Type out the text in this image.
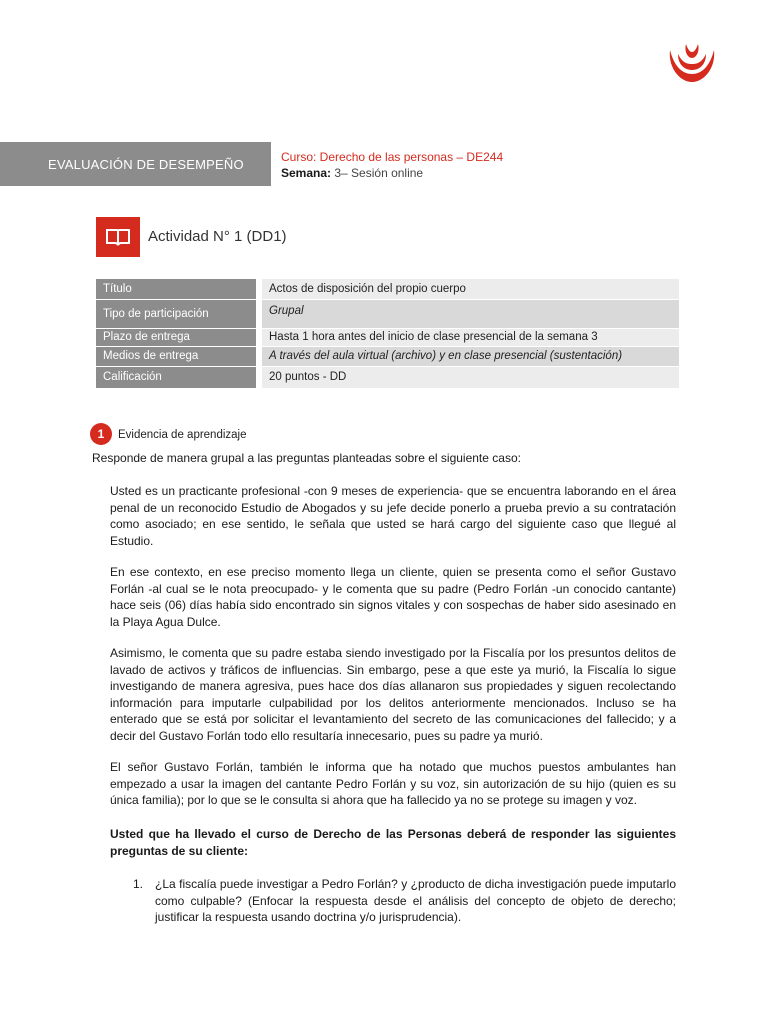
EVALUACIÓN DE DESEMPEÑO	Curso: Derecho de las personas – DE244
Semana: 3– Sesión online
Actividad N° 1 (DD1)
Título	Actos de disposición del propio cuerpo
Tipo de participación	Grupal
Plazo de entrega	Hasta 1 hora antes del inicio de clase presencial de la semana 3
Medios de entrega	A través del aula virtual (archivo) y en clase presencial (sustentación)
Calificación	20 puntos - DD
1	Evidencia de aprendizaje
Responde de manera grupal a las preguntas planteadas sobre el siguiente caso:
Usted es un practicante profesional -con 9 meses de experiencia- que se encuentra laborando en el área penal de un reconocido Estudio de Abogados y su jefe decide ponerlo a prueba previo a su contratación como asociado; en ese sentido, le señala que usted se hará cargo del siguiente caso que llegué al Estudio.
En ese contexto, en ese preciso momento llega un cliente, quien se presenta como el señor Gustavo Forlán -al cual se le nota preocupado- y le comenta que su padre (Pedro Forlán -un conocido cantante) hace seis (06) días había sido encontrado sin signos vitales y con sospechas de haber sido asesinado en la Playa Agua Dulce.
Asimismo, le comenta que su padre estaba siendo investigado por la Fiscalía por los presuntos delitos de lavado de activos y tráficos de influencias. Sin embargo, pese a que este ya murió, la Fiscalía lo sigue investigando de manera agresiva, pues hace dos días allanaron sus propiedades y siguen recolectando información para imputarle culpabilidad por los delitos anteriormente mencionados. Incluso se ha enterado que se está por solicitar el levantamiento del secreto de las comunicaciones del fallecido; y a decir del Gustavo Forlán todo ello resultaría innecesario, pues su padre ya murió.
El señor Gustavo Forlán, también le informa que ha notado que muchos puestos ambulantes han empezado a usar la imagen del cantante Pedro Forlán y su voz, sin autorización de su hijo (quien es su única familia); por lo que se le consulta si ahora que ha fallecido ya no se protege su imagen y voz.
Usted que ha llevado el curso de Derecho de las Personas deberá de responder las siguientes preguntas de su cliente:
1. ¿La fiscalía puede investigar a Pedro Forlán? y ¿producto de dicha investigación puede imputarlo como culpable? (Enfocar la respuesta desde el análisis del concepto de objeto de derecho; justificar la respuesta usando doctrina y/o jurisprudencia).
